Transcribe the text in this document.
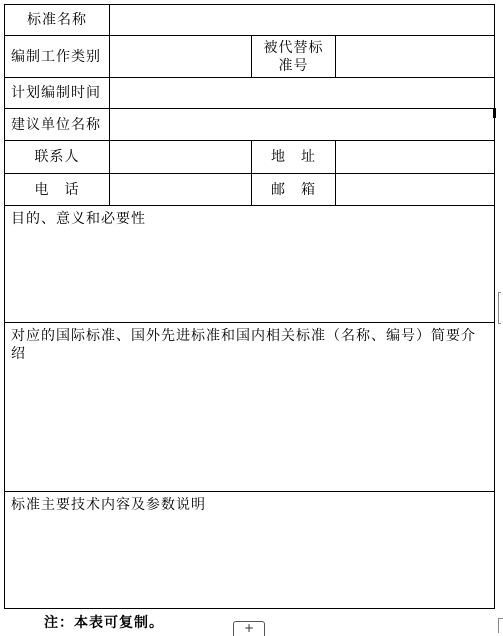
标准名称			
编制工作类别		被代替标准号	
计划编制时间			
建议单位名称			
联系人		地　址	
电　话		邮　箱	
目的、意义和必要性			
对应的国际标准、国外先进标准和国内相关标准（名称、编号）简要介绍			
标准主要技术内容及参数说明			
注：本表可复制。	+
